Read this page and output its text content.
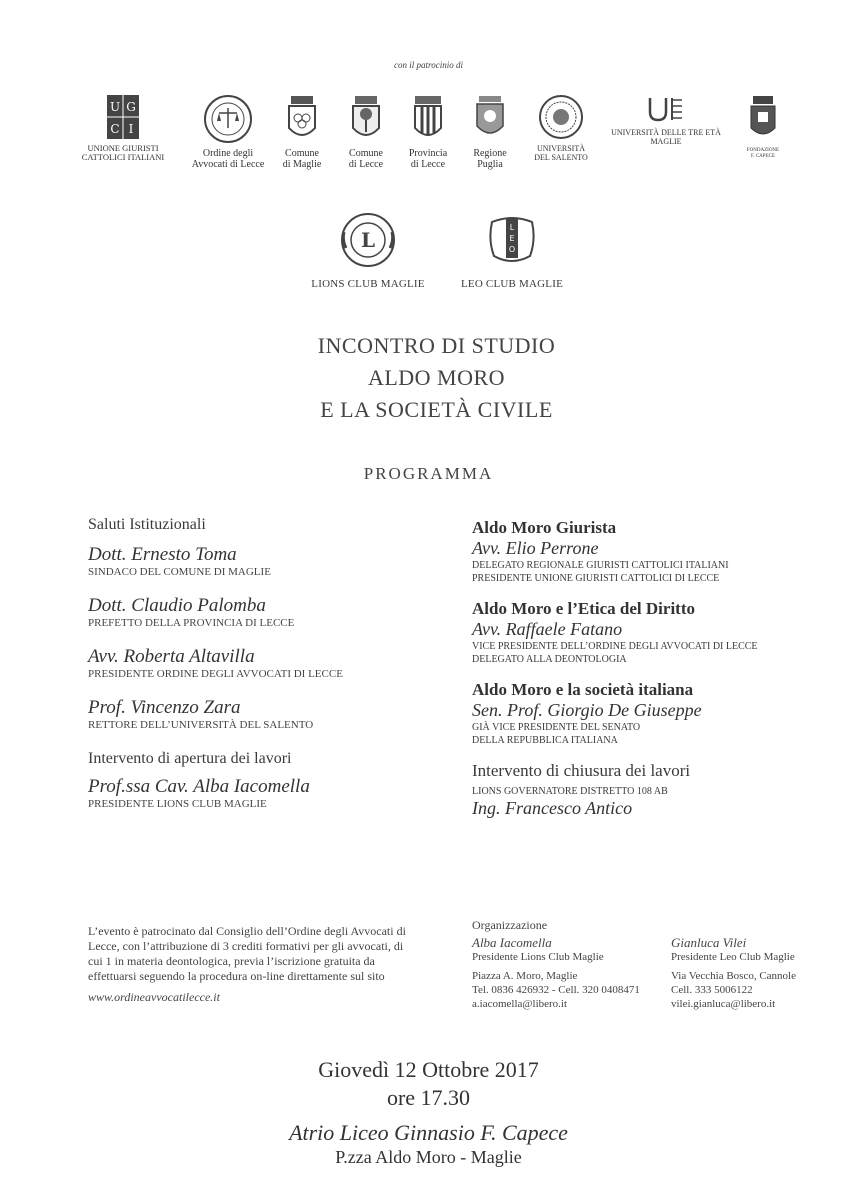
con il patrocinio di
U G
C I
UNIONE GIURISTI
CATTOLICI ITALIANI	Ordine degli
Avvocati di Lecce
Comune
di Maglie
Comune
di Lecce
Provincia
di Lecce
Regione
Puglia
UNIVERSITÀ
DEL SALENTO
UNIVERSITÀ DELLE TRE ETÀ
MAGLIE
FONDAZIONE
F. CAPECE
L
LIONS CLUB MAGLIE
L
E
O
LEO CLUB MAGLIE
INCONTRO DI STUDIO
ALDO MORO
E LA SOCIETÀ CIVILE
PROGRAMMA

Saluti Istituzionali

Dott. Ernesto Toma

SINDACO DEL COMUNE DI MAGLIE

Dott. Claudio Palomba

PREFETTO DELLA PROVINCIA DI LECCE

Avv. Roberta Altavilla

PRESIDENTE ORDINE DEGLI AVVOCATI DI LECCE

Prof. Vincenzo Zara

RETTORE DELL’UNIVERSITÀ DEL SALENTO

Intervento di apertura dei lavori

Prof.ssa Cav. Alba Iacomella

PRESIDENTE LIONS CLUB MAGLIE

Aldo Moro Giurista

Avv. Elio Perrone

DELEGATO REGIONALE GIURISTI CATTOLICI ITALIANI

PRESIDENTE UNIONE GIURISTI CATTOLICI DI LECCE

Aldo Moro e l’Etica del Diritto

Avv. Raffaele Fatano

VICE PRESIDENTE DELL’ORDINE DEGLI AVVOCATI DI LECCE

DELEGATO ALLA DEONTOLOGIA

Aldo Moro e la società italiana

Sen. Prof. Giorgio De Giuseppe

GIÀ VICE PRESIDENTE DEL SENATO

DELLA REPUBBLICA ITALIANA

Intervento di chiusura dei lavori

LIONS GOVERNATORE DISTRETTO 108 AB

Ing. Francesco Antico

L’evento è patrocinato dal Consiglio dell’Ordine degli Avvocati di Lecce, con l’attribuzione di 3 crediti formativi per gli avvocati, di cui 1 in materia deontologica, previa l’iscrizione gratuita da effettuarsi seguendo la procedura on-line direttamente sul sito
www.ordineavvocatilecce.it
Organizzazione
Alba Iacomella
Presidente Lions Club Maglie
Piazza A. Moro, Maglie
Tel. 0836 426932 - Cell. 320 0408471
a.iacomella@libero.it
Gianluca Vilei
Presidente Leo Club Maglie
Via Vecchia Bosco, Cannole
Cell. 333 5006122
vilei.gianluca@libero.it
Giovedì 12 Ottobre 2017
ore 17.30
Atrio Liceo Ginnasio F. Capece
P.zza Aldo Moro - Maglie
